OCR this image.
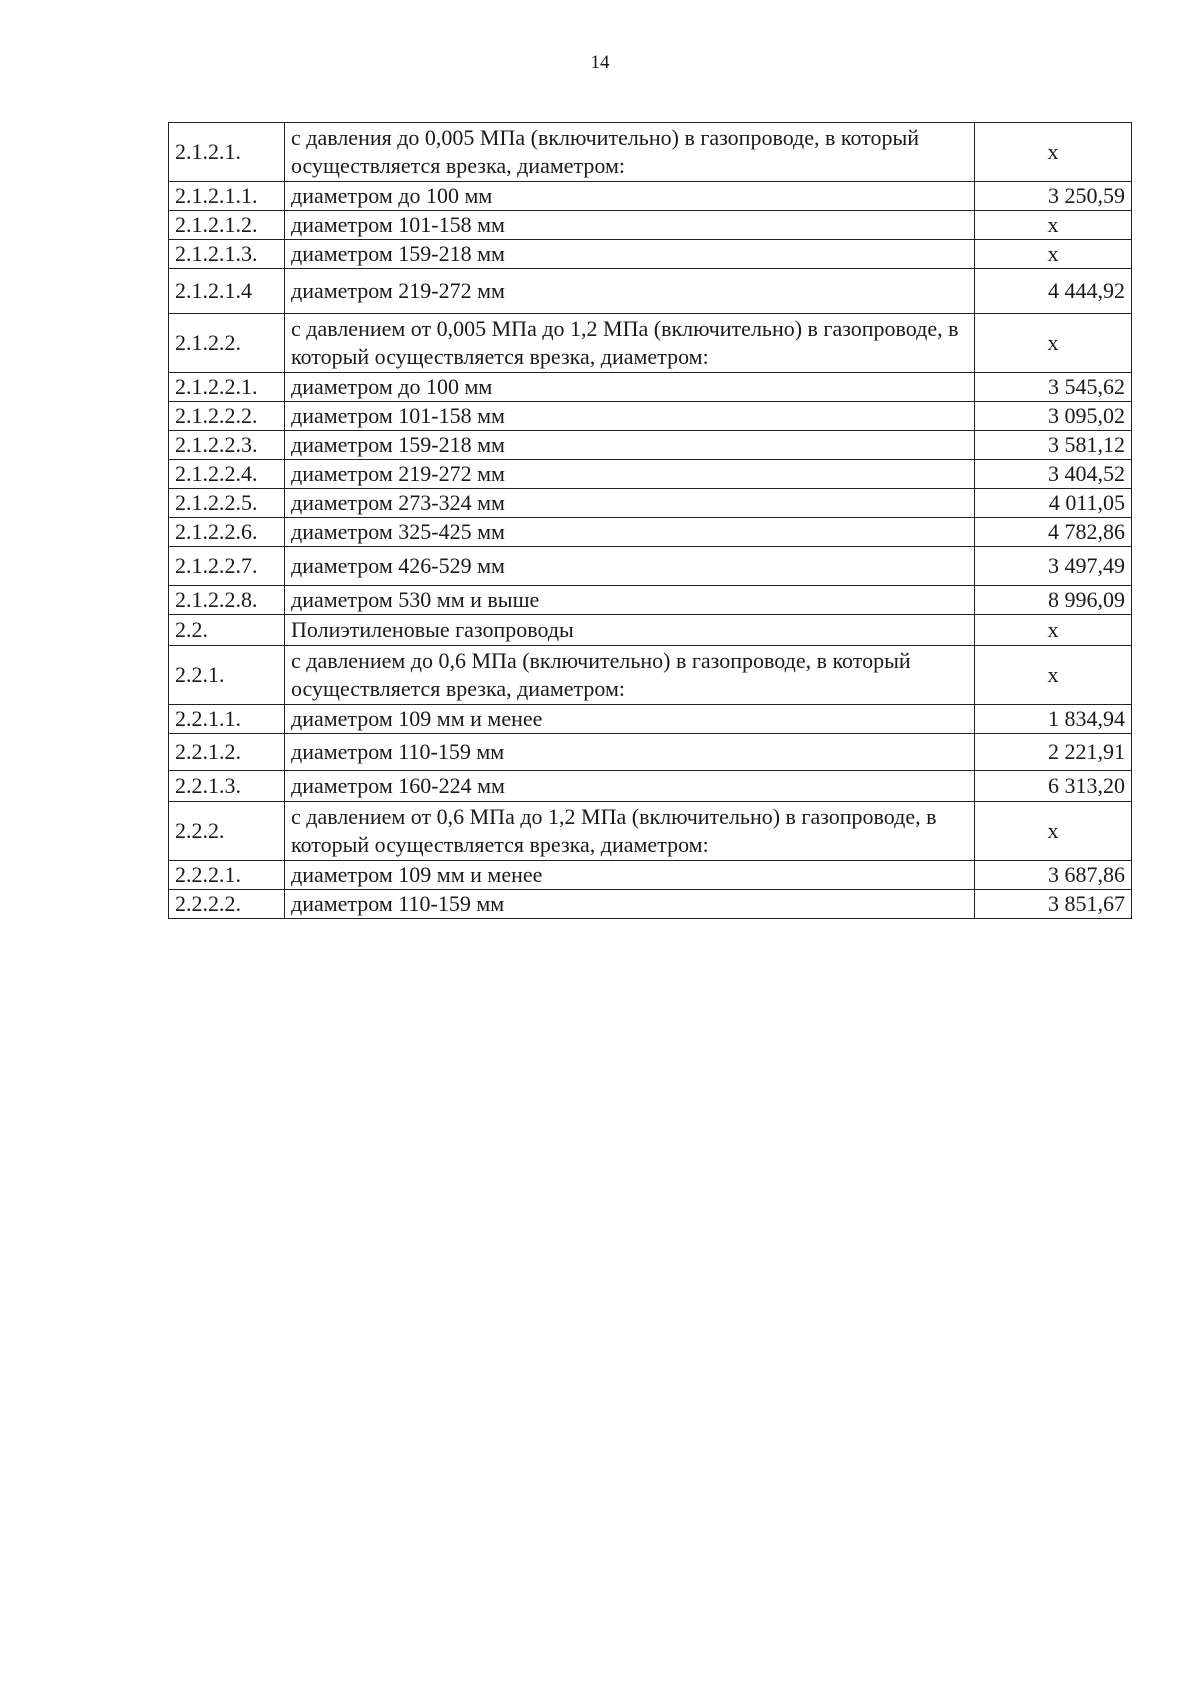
14
2.1.2.1.	с давления до 0,005 МПа (включительно) в газопроводе, в который осуществляется врезка, диаметром:	x
2.1.2.1.1.	диаметром до 100 мм	3 250,59
2.1.2.1.2.	диаметром 101-158 мм	x
2.1.2.1.3.	диаметром 159-218 мм	x
2.1.2.1.4	диаметром 219-272 мм	4 444,92
2.1.2.2.	с давлением от 0,005 МПа до 1,2 МПа (включительно) в газопроводе, в который осуществляется врезка, диаметром:	x
2.1.2.2.1.	диаметром до 100 мм	3 545,62
2.1.2.2.2.	диаметром 101-158 мм	3 095,02
2.1.2.2.3.	диаметром 159-218 мм	3 581,12
2.1.2.2.4.	диаметром 219-272 мм	3 404,52
2.1.2.2.5.	диаметром 273-324 мм	4 011,05
2.1.2.2.6.	диаметром 325-425 мм	4 782,86
2.1.2.2.7.	диаметром 426-529 мм	3 497,49
2.1.2.2.8.	диаметром 530 мм и выше	8 996,09
2.2.	Полиэтиленовые газопроводы	x
2.2.1.	с давлением до 0,6 МПа (включительно) в газопроводе, в который осуществляется врезка, диаметром:	x
2.2.1.1.	диаметром 109 мм и менее	1 834,94
2.2.1.2.	диаметром 110-159 мм	2 221,91
2.2.1.3.	диаметром 160-224 мм	6 313,20
2.2.2.	с давлением от 0,6 МПа до 1,2 МПа (включительно) в газопроводе, в который осуществляется врезка, диаметром:	x
2.2.2.1.	диаметром 109 мм и менее	3 687,86
2.2.2.2.	диаметром 110-159 мм	3 851,67
